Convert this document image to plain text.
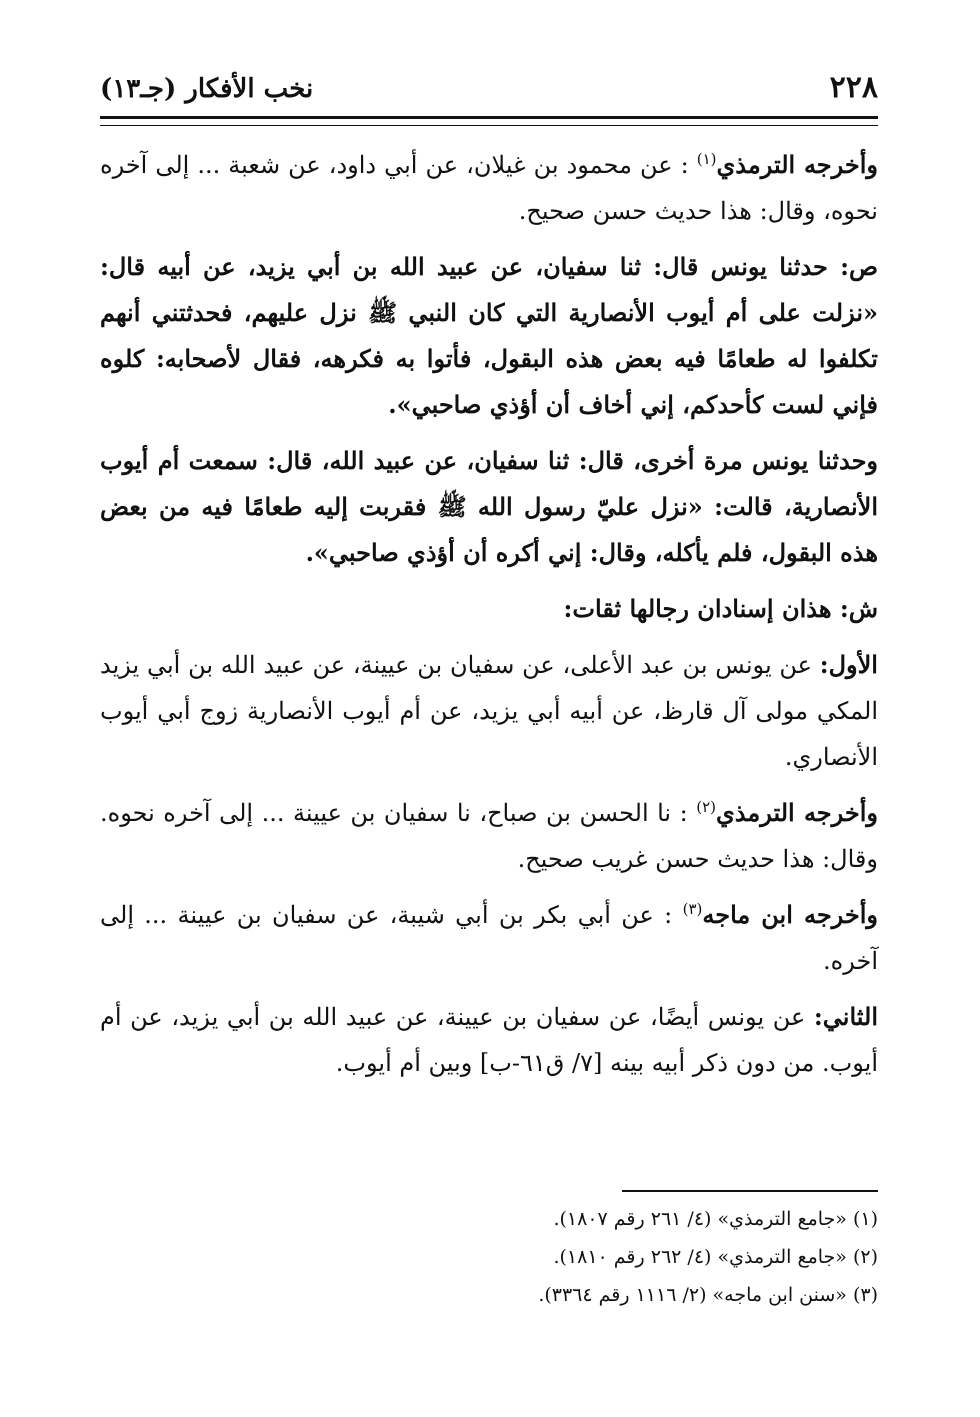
٢٢٨
نخب الأفكار (جـ١٣)

وأخرجه الترمذي$^{(١)}$ : عن محمود بن غيلان، عن أبي داود، عن شعبة ... إلى آخره نحوه، وقال: هذا حديث حسن صحيح.

ص: حدثنا يونس قال: ثنا سفيان، عن عبيد الله بن أبي يزيد، عن أبيه قال: «نزلت على أم أيوب الأنصارية التي كان النبي ﷺ نزل عليهم، فحدثتني أنهم تكلفوا له طعامًا فيه بعض هذه البقول، فأتوا به فكرهه، فقال لأصحابه: كلوه فإني لست كأحدكم، إني أخاف أن أؤذي صاحبي».

وحدثنا يونس مرة أخرى، قال: ثنا سفيان، عن عبيد الله، قال: سمعت أم أيوب الأنصارية، قالت: «نزل عليّ رسول الله ﷺ فقربت إليه طعامًا فيه من بعض هذه البقول، فلم يأكله، وقال: إني أكره أن أؤذي صاحبي».

ش: هذان إسنادان رجالها ثقات:

الأول: عن يونس بن عبد الأعلى، عن سفيان بن عيينة، عن عبيد الله بن أبي يزيد المكي مولى آل قارظ، عن أبيه أبي يزيد، عن أم أيوب الأنصارية زوج أبي أيوب الأنصاري.

وأخرجه الترمذي$^{(٢)}$ : نا الحسن بن صباح، نا سفيان بن عيينة ... إلى آخره نحوه. وقال: هذا حديث حسن غريب صحيح.

وأخرجه ابن ماجه$^{(٣)}$ : عن أبي بكر بن أبي شيبة، عن سفيان بن عيينة ... إلى آخره.

الثاني: عن يونس أيضًا، عن سفيان بن عيينة، عن عبيد الله بن أبي يزيد، عن أم أيوب. من دون ذكر أبيه بينه [٧/ ق٦١-ب] وبين أم أيوب.

(١) «جامع الترمذي» (٤/ ٢٦١ رقم ١٨٠٧).
(٢) «جامع الترمذي» (٤/ ٢٦٢ رقم ١٨١٠).
(٣) «سنن ابن ماجه» (٢/ ١١١٦ رقم ٣٣٦٤).
